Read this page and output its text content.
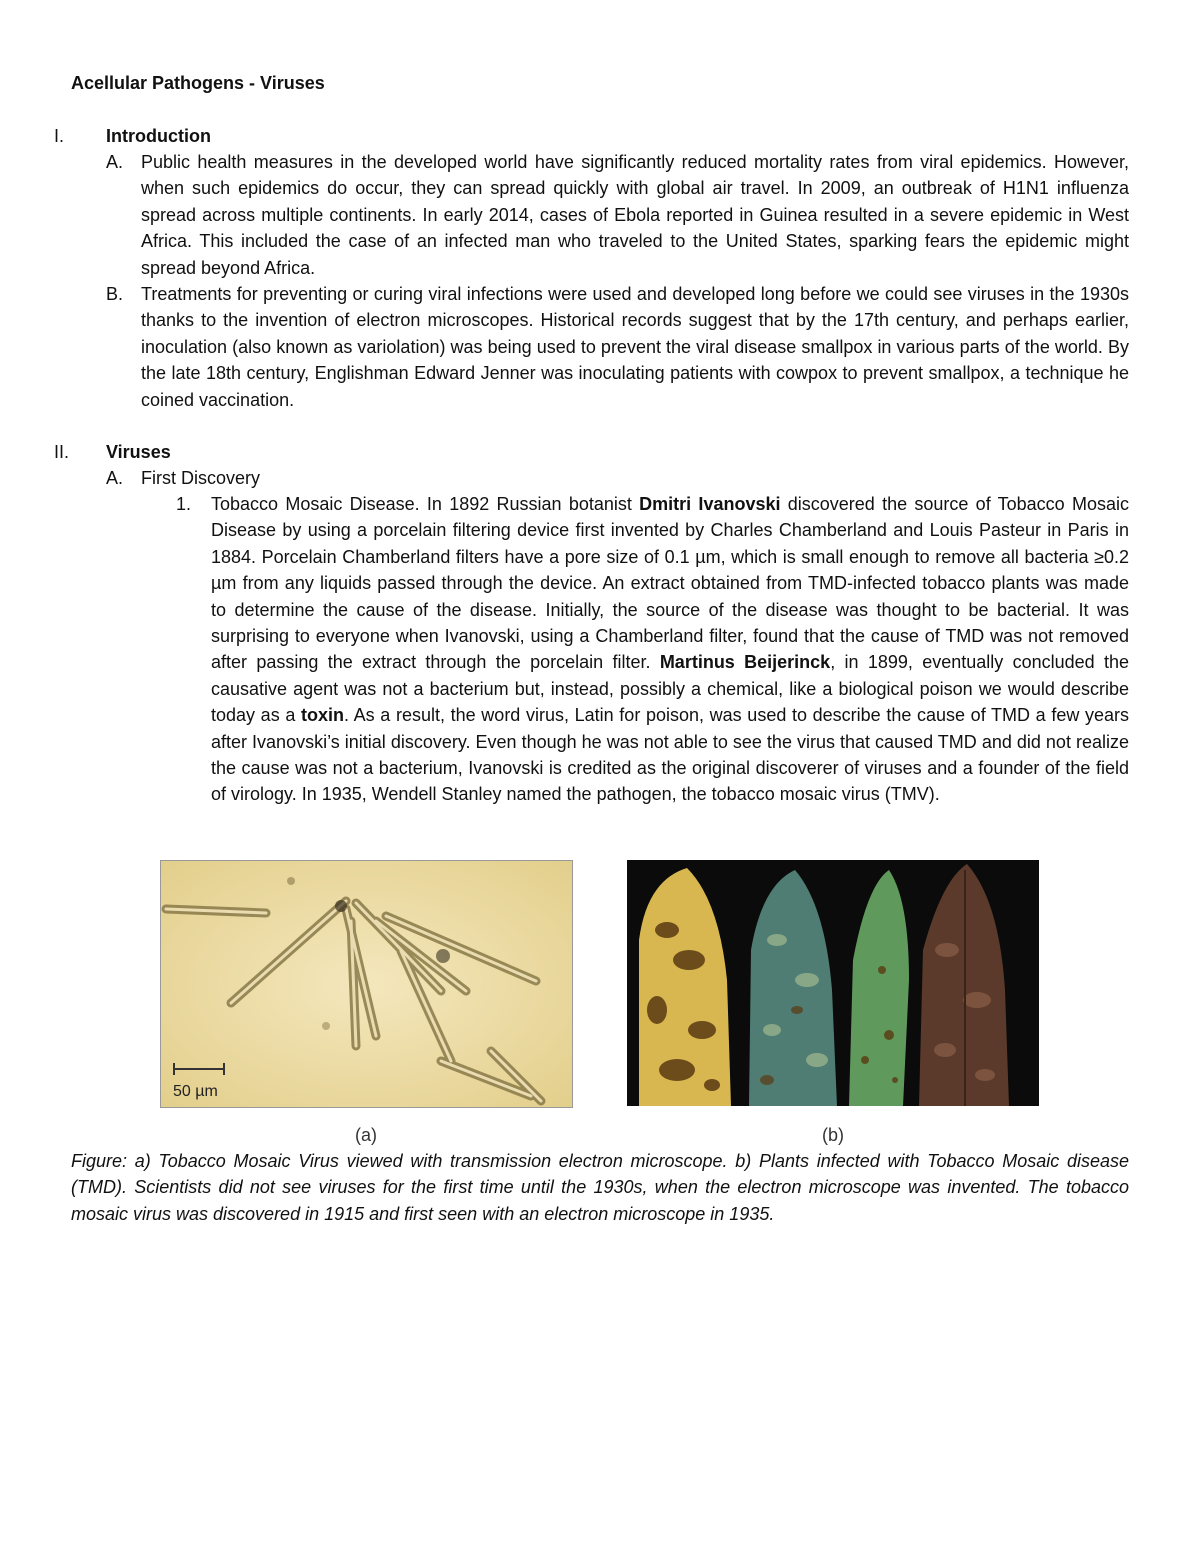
Acellular Pathogens - Viruses
I. Introduction
A. Public health measures in the developed world have significantly reduced mortality rates from viral epidemics. However, when such epidemics do occur, they can spread quickly with global air travel. In 2009, an outbreak of H1N1 influenza spread across multiple continents. In early 2014, cases of Ebola reported in Guinea resulted in a severe epidemic in West Africa. This included the case of an infected man who traveled to the United States, sparking fears the epidemic might spread beyond Africa.
B. Treatments for preventing or curing viral infections were used and developed long before we could see viruses in the 1930s thanks to the invention of electron microscopes. Historical records suggest that by the 17th century, and perhaps earlier, inoculation (also known as variolation) was being used to prevent the viral disease smallpox in various parts of the world. By the late 18th century, Englishman Edward Jenner was inoculating patients with cowpox to prevent smallpox, a technique he coined vaccination.
II. Viruses
A. First Discovery
1. Tobacco Mosaic Disease. In 1892 Russian botanist Dmitri Ivanovski discovered the source of Tobacco Mosaic Disease by using a porcelain filtering device first invented by Charles Chamberland and Louis Pasteur in Paris in 1884. Porcelain Chamberland filters have a pore size of 0.1 µm, which is small enough to remove all bacteria ≥0.2 µm from any liquids passed through the device. An extract obtained from TMD-infected tobacco plants was made to determine the cause of the disease. Initially, the source of the disease was thought to be bacterial. It was surprising to everyone when Ivanovski, using a Chamberland filter, found that the cause of TMD was not removed after passing the extract through the porcelain filter. Martinus Beijerinck, in 1899, eventually concluded the causative agent was not a bacterium but, instead, possibly a chemical, like a biological poison we would describe today as a toxin. As a result, the word virus, Latin for poison, was used to describe the cause of TMD a few years after Ivanovski’s initial discovery. Even though he was not able to see the virus that caused TMD and did not realize the cause was not a bacterium, Ivanovski is credited as the original discoverer of viruses and a founder of the field of virology. In 1935, Wendell Stanley named the pathogen, the tobacco mosaic virus (TMV).
50 µm
(a)	(b)
Figure: a) Tobacco Mosaic Virus viewed with transmission electron microscope. b) Plants infected with Tobacco Mosaic disease (TMD). Scientists did not see viruses for the first time until the 1930s, when the electron microscope was invented. The tobacco mosaic virus was discovered in 1915 and first seen with an electron microscope in 1935.
